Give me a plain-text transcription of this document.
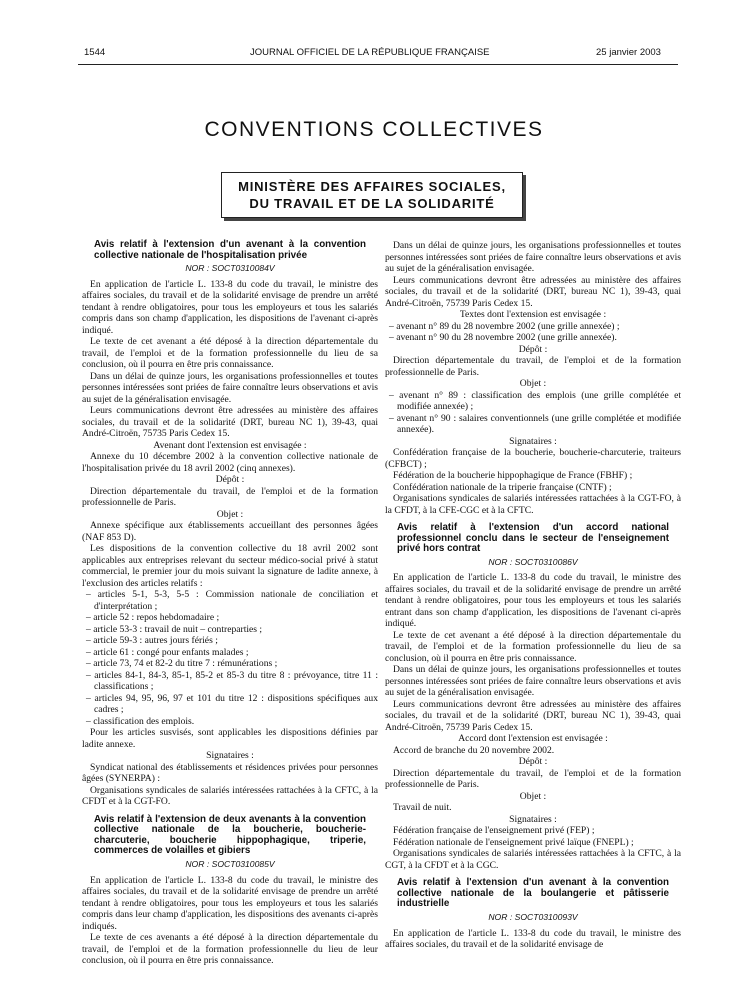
1544	JOURNAL OFFICIEL DE LA RÉPUBLIQUE FRANÇAISE	25 janvier 2003
CONVENTIONS COLLECTIVES
MINISTÈRE DES AFFAIRES SOCIALES,
DU TRAVAIL ET DE LA SOLIDARITÉ
Avis relatif à l'extension d'un avenant à la convention collective nationale de l'hospitalisation privée
NOR : SOCT0310084V

En application de l'article L. 133-8 du code du travail, le ministre des affaires sociales, du travail et de la solidarité envisage de prendre un arrêté tendant à rendre obligatoires, pour tous les employeurs et tous les salariés compris dans son champ d'application, les dispositions de l'avenant ci-après indiqué.

Le texte de cet avenant a été déposé à la direction départementale du travail, de l'emploi et de la formation professionnelle du lieu de sa conclusion, où il pourra en être pris connaissance.

Dans un délai de quinze jours, les organisations professionnelles et toutes personnes intéressées sont priées de faire connaître leurs observations et avis au sujet de la généralisation envisagée.

Leurs communications devront être adressées au ministère des affaires sociales, du travail et de la solidarité (DRT, bureau NC 1), 39-43, quai André-Citroën, 75735 Paris Cedex 15.

Avenant dont l'extension est envisagée :

Annexe du 10 décembre 2002 à la convention collective nationale de l'hospitalisation privée du 18 avril 2002 (cinq annexes).

Dépôt :

Direction départementale du travail, de l'emploi et de la formation professionnelle de Paris.

Objet :

Annexe spécifique aux établissements accueillant des personnes âgées (NAF 853 D).

Les dispositions de la convention collective du 18 avril 2002 sont applicables aux entreprises relevant du secteur médico-social privé à statut commercial, le premier jour du mois suivant la signature de ladite annexe, à l'exclusion des articles relatifs :

– articles 5-1, 5-3, 5-5 : Commission nationale de conciliation et d'interprétation ;

– article 52 : repos hebdomadaire ;

– article 53-3 : travail de nuit – contreparties ;

– article 59-3 : autres jours fériés ;

– article 61 : congé pour enfants malades ;

– article 73, 74 et 82-2 du titre 7 : rémunérations ;

– articles 84-1, 84-3, 85-1, 85-2 et 85-3 du titre 8 : prévoyance, titre 11 : classifications ;

– articles 94, 95, 96, 97 et 101 du titre 12 : dispositions spécifiques aux cadres ;

– classification des emplois.

Pour les articles susvisés, sont applicables les dispositions définies par ladite annexe.

Signataires :

Syndicat national des établissements et résidences privées pour personnes âgées (SYNERPA) :

Organisations syndicales de salariés intéressées rattachées à la CFTC, à la CFDT et à la CGT-FO.

Avis relatif à l'extension de deux avenants à la convention collective nationale de la boucherie, boucherie-charcuterie, boucherie hippophagique, triperie, commerces de volailles et gibiers
NOR : SOCT0310085V

En application de l'article L. 133-8 du code du travail, le ministre des affaires sociales, du travail et de la solidarité envisage de prendre un arrêté tendant à rendre obligatoires, pour tous les employeurs et tous les salariés compris dans leur champ d'application, les dispositions des avenants ci-après indiqués.

Le texte de ces avenants a été déposé à la direction départementale du travail, de l'emploi et de la formation professionnelle du lieu de leur conclusion, où il pourra en être pris connaissance.

Dans un délai de quinze jours, les organisations professionnelles et toutes personnes intéressées sont priées de faire connaître leurs observations et avis au sujet de la généralisation envisagée.

Leurs communications devront être adressées au ministère des affaires sociales, du travail et de la solidarité (DRT, bureau NC 1), 39-43, quai André-Citroën, 75739 Paris Cedex 15.

Textes dont l'extension est envisagée :

– avenant n° 89 du 28 novembre 2002 (une grille annexée) ;

– avenant n° 90 du 28 novembre 2002 (une grille annexée).

Dépôt :

Direction départementale du travail, de l'emploi et de la formation professionnelle de Paris.

Objet :

– avenant n° 89 : classification des emplois (une grille complétée et modifiée annexée) ;

– avenant n° 90 : salaires conventionnels (une grille complétée et modifiée annexée).

Signataires :

Confédération française de la boucherie, boucherie-charcuterie, traiteurs (CFBCT) ;

Fédération de la boucherie hippophagique de France (FBHF) ;

Confédération nationale de la triperie française (CNTF) ;

Organisations syndicales de salariés intéressées rattachées à la CGT-FO, à la CFDT, à la CFE-CGC et à la CFTC.

Avis relatif à l'extension d'un accord national professionnel conclu dans le secteur de l'enseignement privé hors contrat
NOR : SOCT0310086V

En application de l'article L. 133-8 du code du travail, le ministre des affaires sociales, du travail et de la solidarité envisage de prendre un arrêté tendant à rendre obligatoires, pour tous les employeurs et tous les salariés entrant dans son champ d'application, les dispositions de l'avenant ci-après indiqué.

Le texte de cet avenant a été déposé à la direction départementale du travail, de l'emploi et de la formation professionnelle du lieu de sa conclusion, où il pourra en être pris connaissance.

Dans un délai de quinze jours, les organisations professionnelles et toutes personnes intéressées sont priées de faire connaître leurs observations et avis au sujet de la généralisation envisagée.

Leurs communications devront être adressées au ministère des affaires sociales, du travail et de la solidarité (DRT, bureau NC 1), 39-43, quai André-Citroën, 75739 Paris Cedex 15.

Accord dont l'extension est envisagée :

Accord de branche du 20 novembre 2002.

Dépôt :

Direction départementale du travail, de l'emploi et de la formation professionnelle de Paris.

Objet :

Travail de nuit.

Signataires :

Fédération française de l'enseignement privé (FEP) ;

Fédération nationale de l'enseignement privé laïque (FNEPL) ;

Organisations syndicales de salariés intéressées rattachées à la CFTC, à la CGT, à la CFDT et à la CGC.

Avis relatif à l'extension d'un avenant à la convention collective nationale de la boulangerie et pâtisserie industrielle
NOR : SOCT0310093V

En application de l'article L. 133-8 du code du travail, le ministre des affaires sociales, du travail et de la solidarité envisage de
